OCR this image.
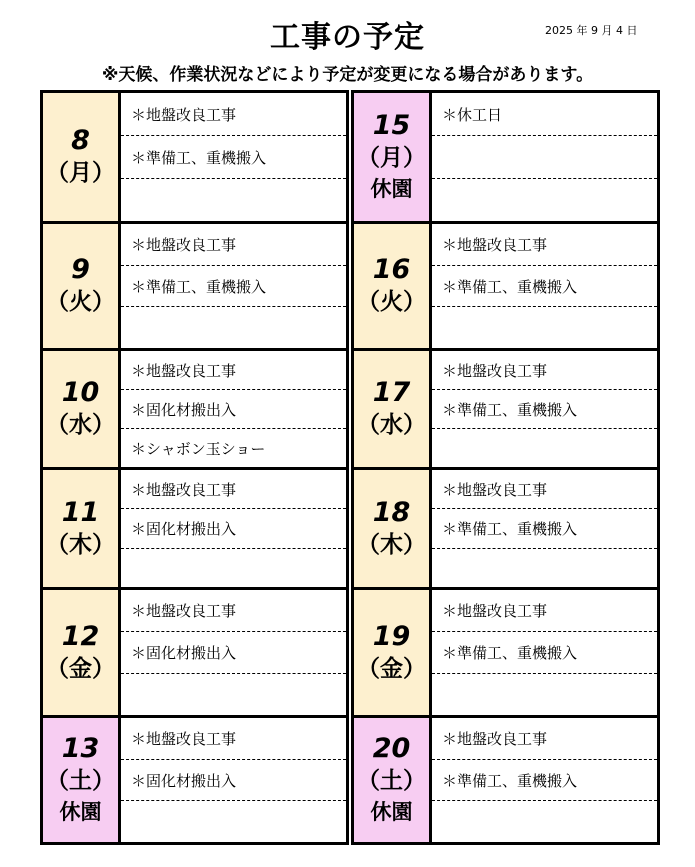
工事の予定	2025 年 9 月 4 日
※天候、作業状況などにより予定が変更になる場合があります。
8
（月）
＊地盤改良工事
＊準備工、重機搬入
9
（火）
＊地盤改良工事
＊準備工、重機搬入
10
（水）
＊地盤改良工事
＊固化材搬出入
＊シャボン玉ショー
11
（木）
＊地盤改良工事
＊固化材搬出入
12
（金）
＊地盤改良工事
＊固化材搬出入
13
（土）
休園
＊地盤改良工事
＊固化材搬出入
15
（月）
休園
＊休工日
16
（火）
＊地盤改良工事
＊準備工、重機搬入
17
（水）
＊地盤改良工事
＊準備工、重機搬入
18
（木）
＊地盤改良工事
＊準備工、重機搬入
19
（金）
＊地盤改良工事
＊準備工、重機搬入
20
（土）
休園
＊地盤改良工事
＊準備工、重機搬入
